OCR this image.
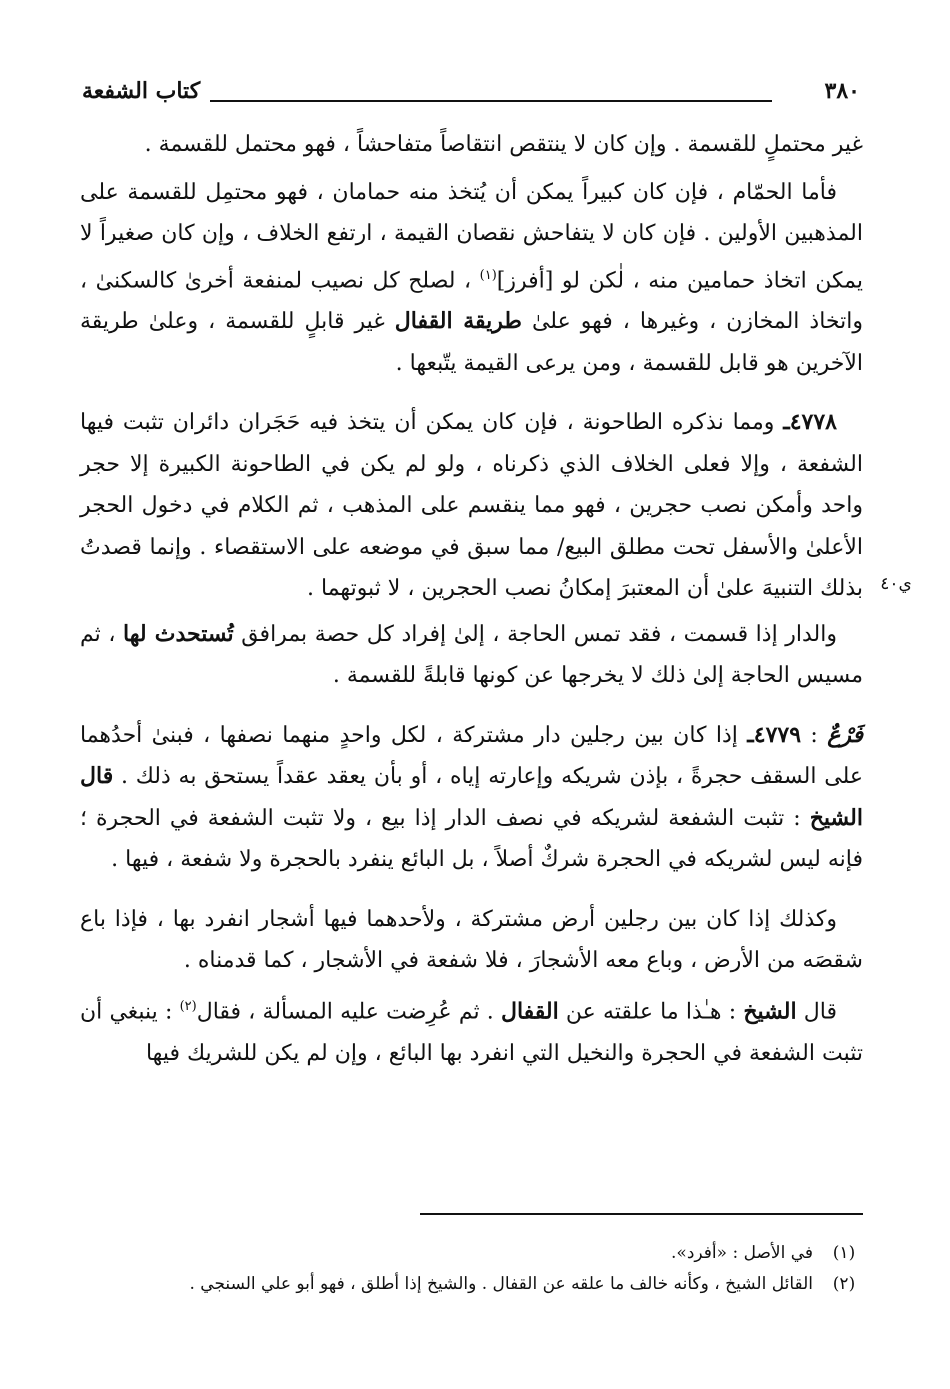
كتاب الشفعة	٣٨٠
ي٤٠

غير محتملٍ للقسمة . وإن كان لا ينتقص انتقاصاً متفاحشاً ، فهو محتمل للقسمة .

فأما الحمّام ، فإن كان كبيراً يمكن أن يُتخذ منه حمامان ، فهو محتمِل للقسمة على المذهبين الأولين . فإن كان لا يتفاحش نقصان القيمة ، ارتفع الخلاف ، وإن كان صغيراً لا يمكن اتخاذ حمامين منه ، لٰكن لو [أفرز]$^{(١)}$ ، لصلح كل نصيب لمنفعة أخرىٰ كالسكنىٰ ، واتخاذ المخازن ، وغيرها ، فهو علىٰ طريقة القفال غير قابلٍ للقسمة ، وعلىٰ طريقة الآخرين هو قابل للقسمة ، ومن يرعى القيمة يتّبعها .

٤٧٧٨ـ ومما نذكره الطاحونة ، فإن كان يمكن أن يتخذ فيه حَجَران دائران تثبت فيها الشفعة ، وإلا فعلى الخلاف الذي ذكرناه ، ولو لم يكن في الطاحونة الكبيرة إلا حجر واحد وأمكن نصب حجرين ، فهو مما ينقسم على المذهب ، ثم الكلام في دخول الحجر الأعلىٰ والأسفل تحت مطلق البيع/ مما سبق في موضعه على الاستقصاء . وإنما قصدتُ بذلك التنبيهَ علىٰ أن المعتبرَ إمكانُ نصب الحجرين ، لا ثبوتهما .

والدار إذا قسمت ، فقد تمس الحاجة ، إلىٰ إفراد كل حصة بمرافق تُستحدث لها ، ثم مسيس الحاجة إلىٰ ذلك لا يخرجها عن كونها قابلةً للقسمة .

فَرْعٌ : ٤٧٧٩ـ إذا كان بين رجلين دار مشتركة ، لكل واحدٍ منهما نصفها ، فبنىٰ أحدُهما على السقف حجرةً ، بإذن شريكه وإعارته إياه ، أو بأن يعقد عقداً يستحق به ذلك . قال الشيخ : تثبت الشفعة لشريكه في نصف الدار إذا بيع ، ولا تثبت الشفعة في الحجرة ؛ فإنه ليس لشريكه في الحجرة شركٌ أصلاً ، بل البائع ينفرد بالحجرة ولا شفعة ، فيها .

وكذلك إذا كان بين رجلين أرض مشتركة ، ولأحدهما فيها أشجار انفرد بها ، فإذا باع شقصَه من الأرض ، وباع معه الأشجارَ ، فلا شفعة في الأشجار ، كما قدمناه .

قال الشيخ : هـٰذا ما علقته عن القفال . ثم عُرِضت عليه المسألة ، فقال$^{(٢)}$ : ينبغي أن تثبت الشفعة في الحجرة والنخيل التي انفرد بها البائع ، وإن لم يكن للشريك فيها

(١)
في الأصل : «أفرد».
(٢)
القائل الشيخ ، وكأنه خالف ما علقه عن القفال . والشيخ إذا أطلق ، فهو أبو علي السنجي .
